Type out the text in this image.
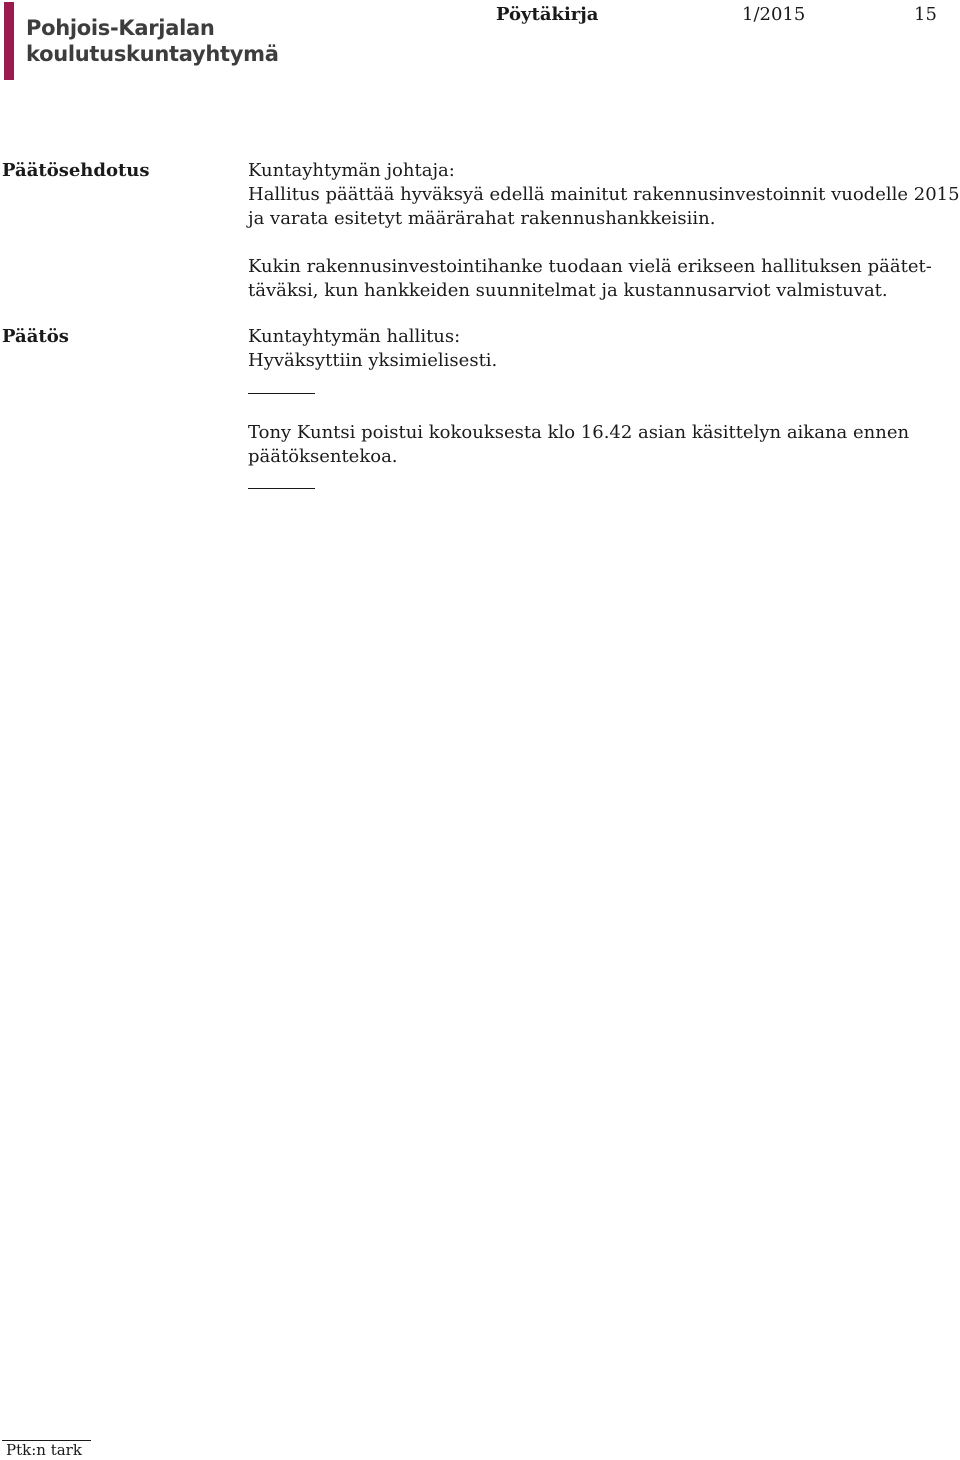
Pohjois-Karjalan
koulutuskuntayhtymä
Pöytäkirja	1/2015	15
Päätösehdotus	Kuntayhtymän johtaja:

Hallitus päättää hyväksyä edellä mainitut rakennusinvestoinnit vuodelle 2015

ja varata esitetyt määrärahat rakennushankkeisiin.

Kukin rakennusinvestointihanke tuodaan vielä erikseen hallituksen päätet-

täväksi, kun hankkeiden suunnitelmat ja kustannusarviot valmistuvat.

Päätös	Kuntayhtymän hallitus:

Hyväksyttiin yksimielisesti.

Tony Kuntsi poistui kokouksesta klo 16.42 asian käsittelyn aikana ennen

päätöksentekoa.

Ptk:n tark
